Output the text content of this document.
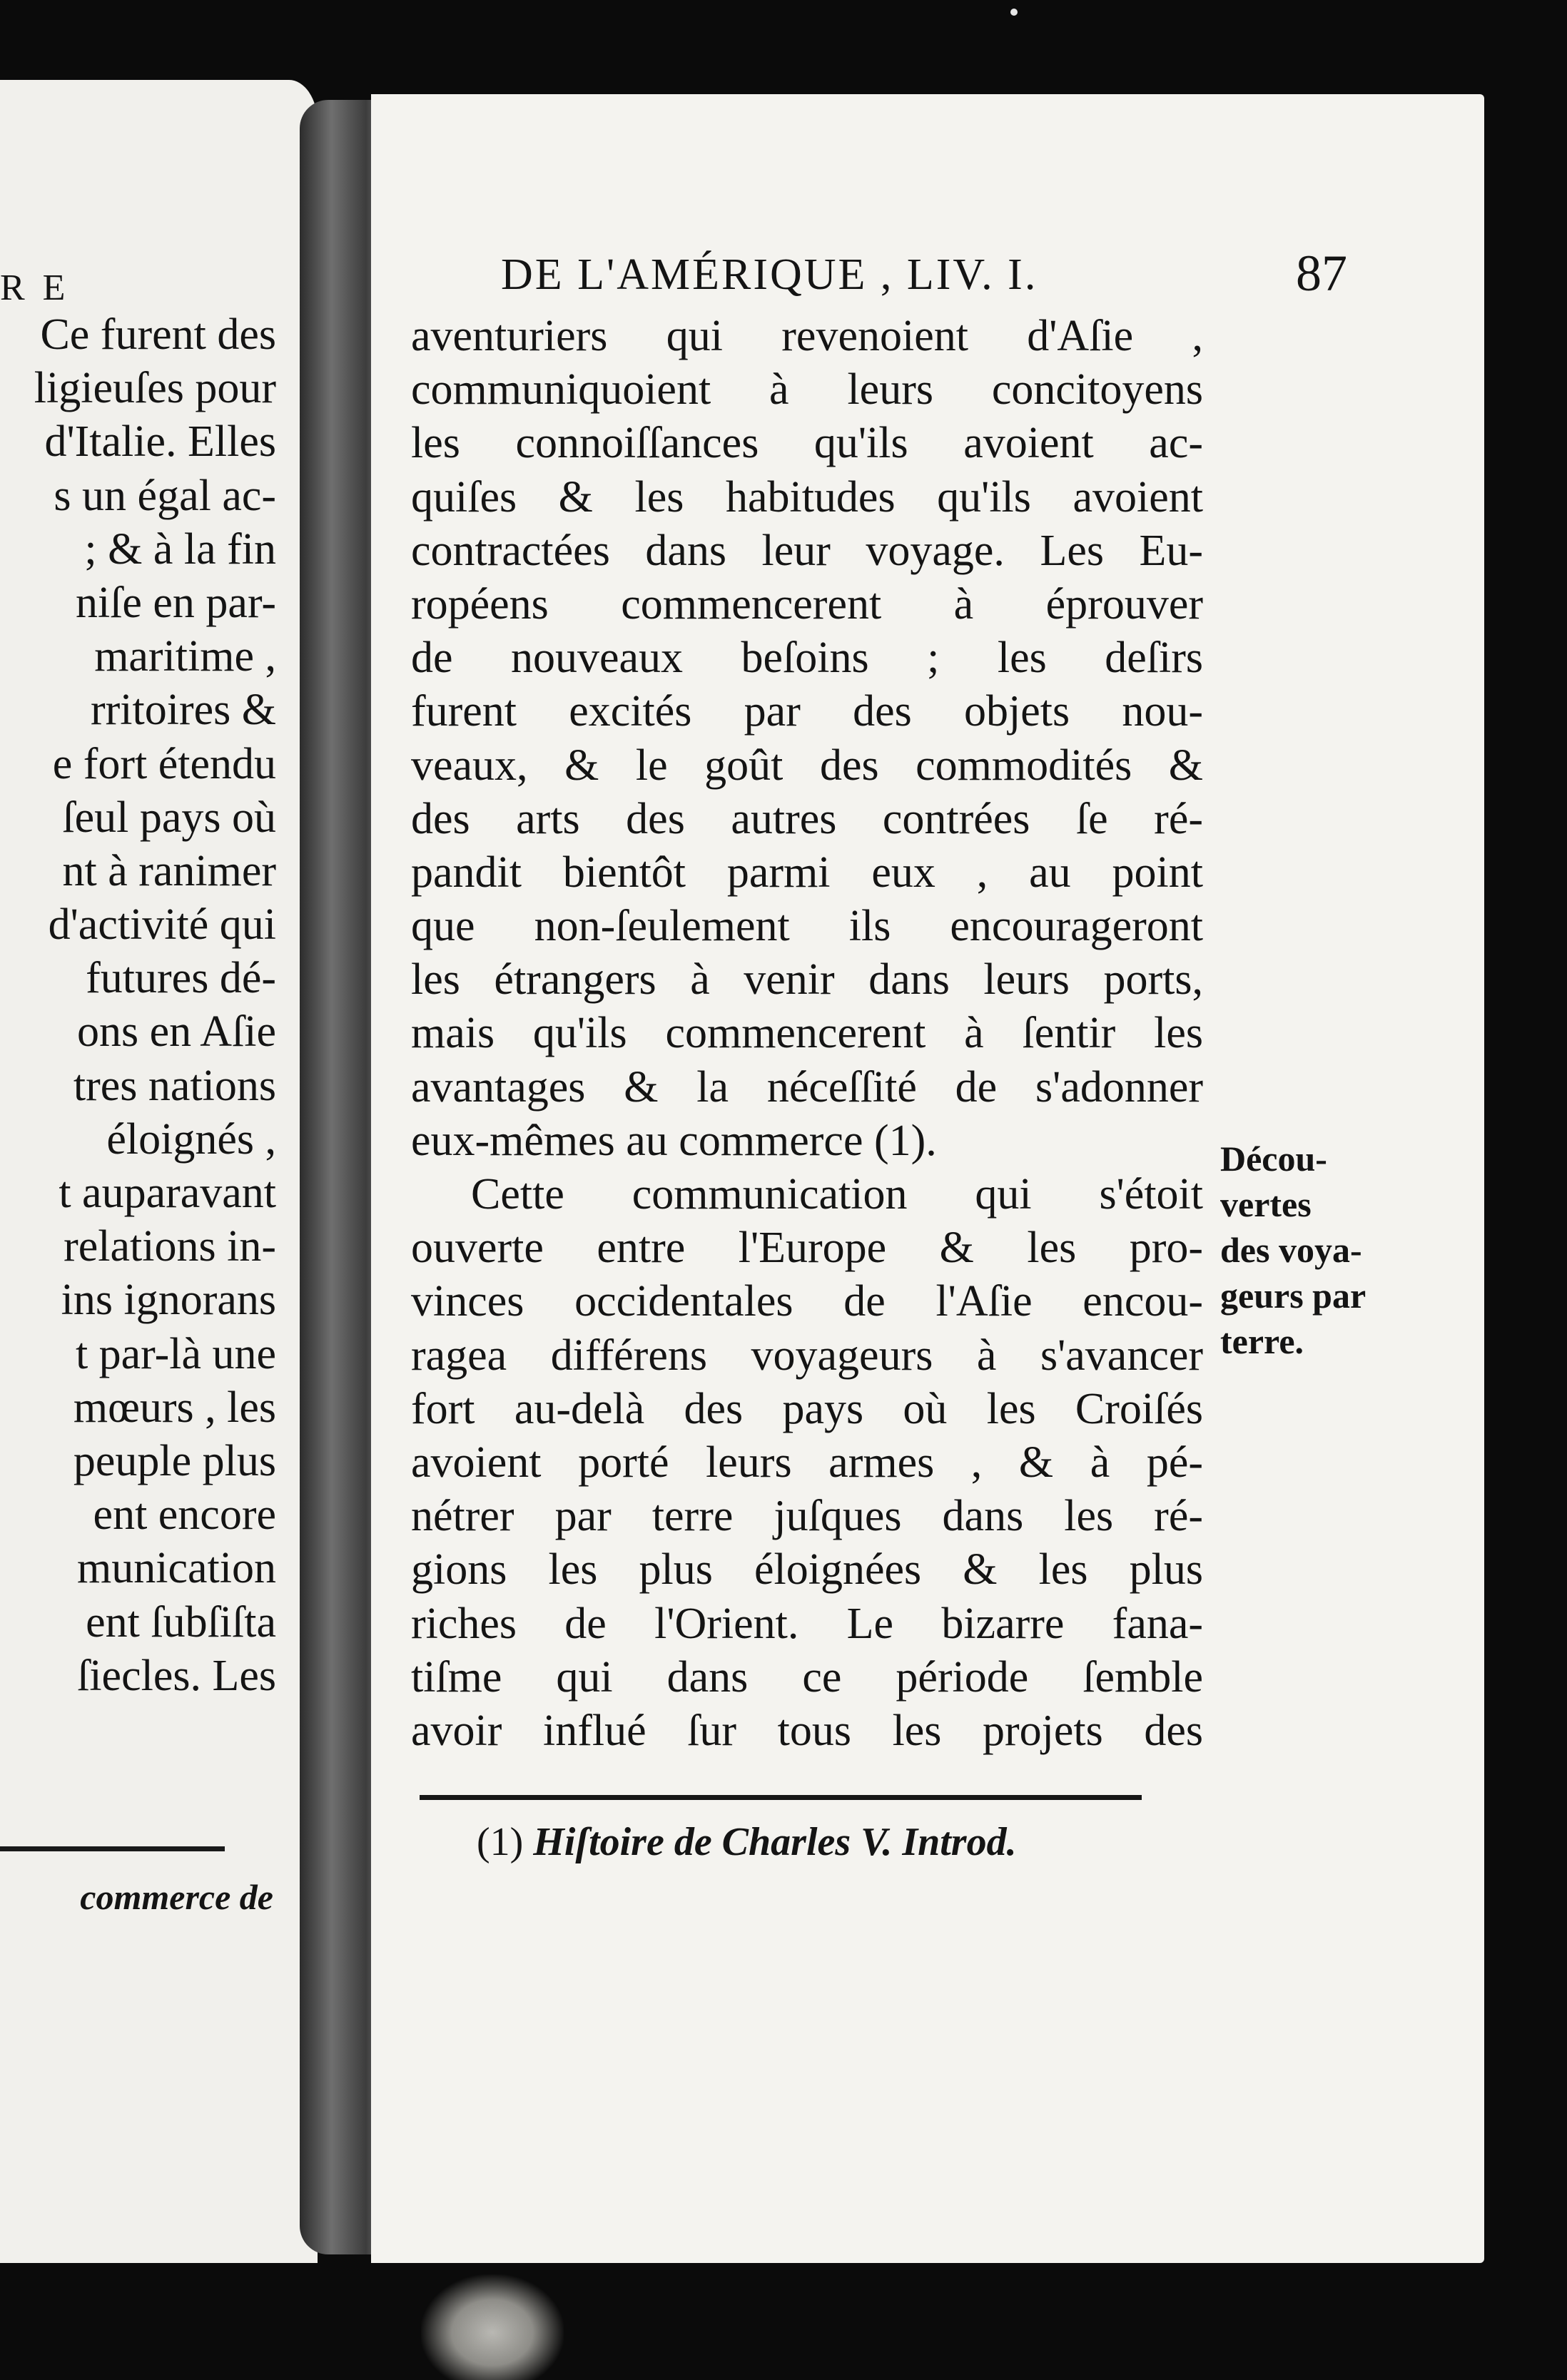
R E
Ce furent des
ligieuſes pour
d'Italie. Elles
s un égal ac-
; & à la fin
niſe en par-
maritime ,
rritoires &
e fort étendu
ſeul pays où
nt à ranimer
d'activité qui
futures dé-
ons en Aſie
tres nations
éloignés ,
t auparavant
relations in-
ins ignorans
t par-là une
mœurs , les
peuple plus
ent encore
munication
ent ſubſiſta
ſiecles. Les
commerce de
DE L'AMÉRIQUE , LIV. I.	87
aventuriers qui revenoient d'Aſie ,
communiquoient à leurs concitoyens
les connoiſſances qu'ils avoient ac-
quiſes & les habitudes qu'ils avoient
contractées dans leur voyage. Les Eu-
ropéens commencerent à éprouver
de nouveaux beſoins ; les deſirs
furent excités par des objets nou-
veaux, & le goût des commodités &
des arts des autres contrées ſe ré-
pandit bientôt parmi eux , au point
que non-ſeulement ils encourageront
les étrangers à venir dans leurs ports,
mais qu'ils commencerent à ſentir les
avantages & la néceſſité de s'adonner
eux-mêmes au commerce (1).
Cette communication qui s'étoit
ouverte entre l'Europe & les pro-
vinces occidentales de l'Aſie encou-
ragea différens voyageurs à s'avancer
fort au-delà des pays où les Croiſés
avoient porté leurs armes , & à pé-
nétrer par terre juſques dans les ré-
gions les plus éloignées & les plus
riches de l'Orient. Le bizarre fana-
tiſme qui dans ce période ſemble
avoir influé ſur tous les projets des
Décou-
vertes
des voya-
geurs par
terre.
(1) Hiſtoire de Charles V. Introd.
